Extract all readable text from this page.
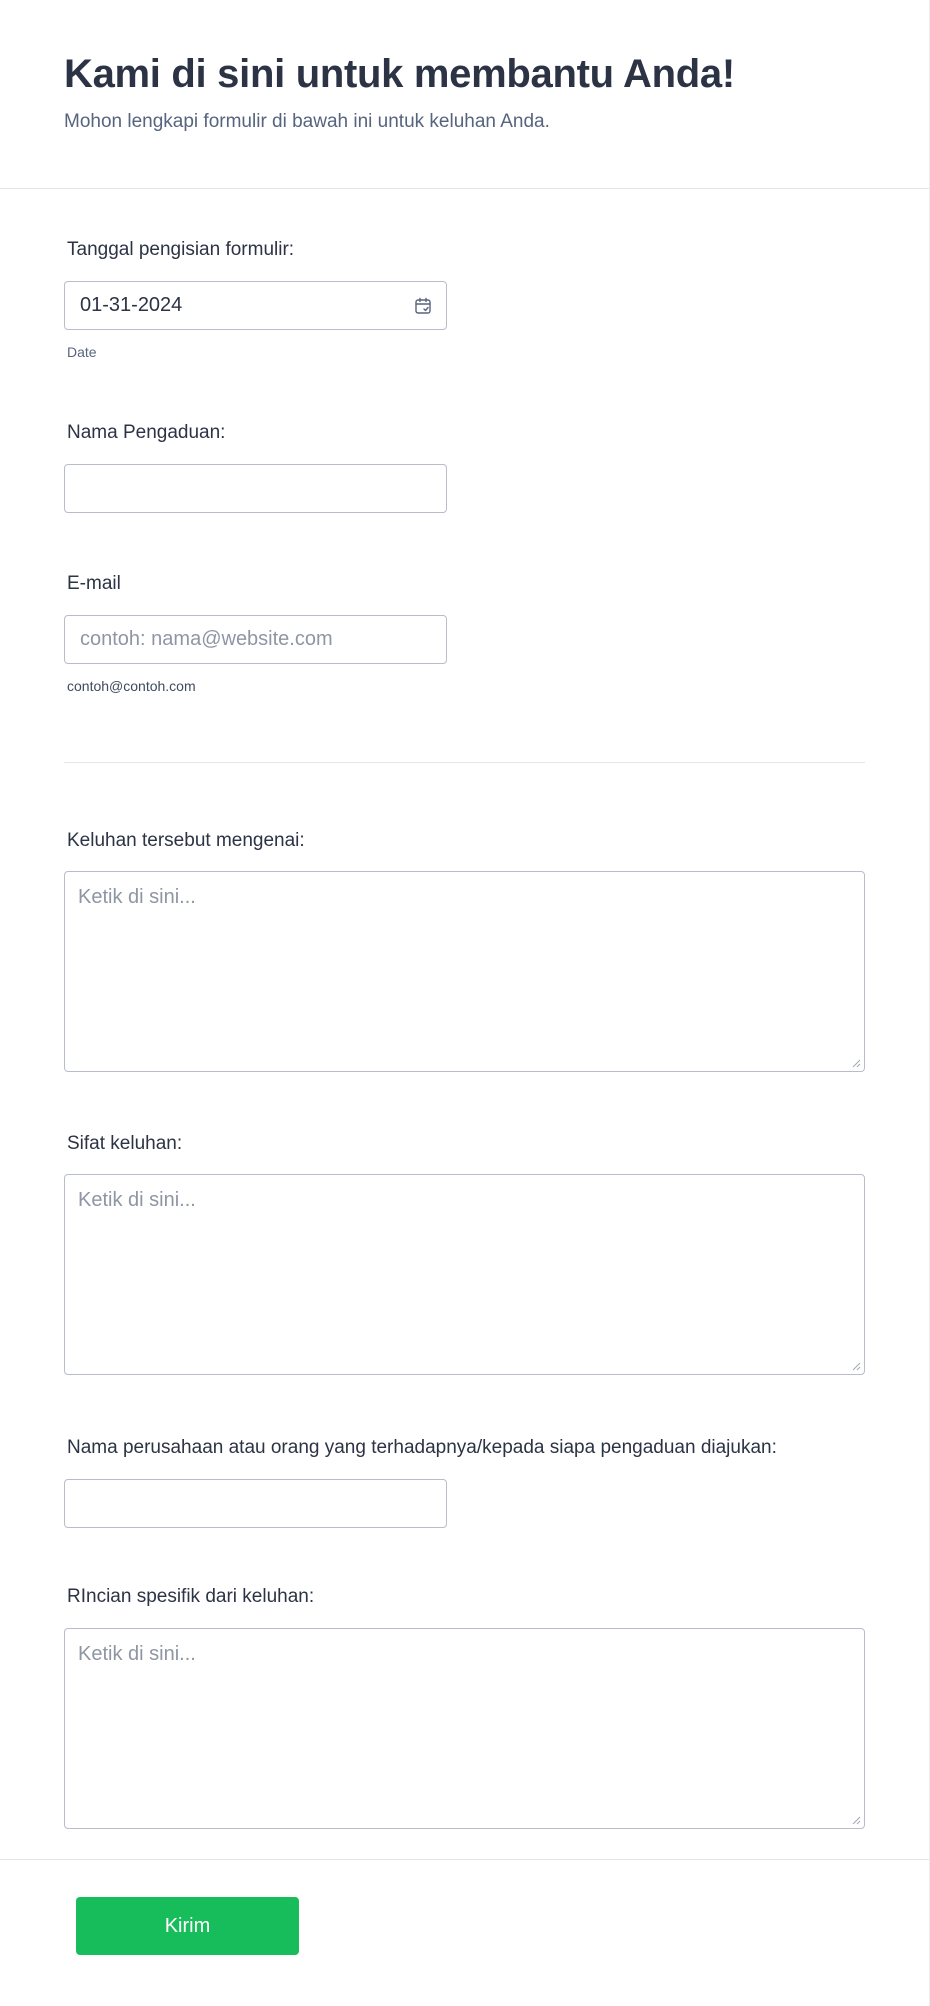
Kami di sini untuk membantu Anda!
Mohon lengkapi formulir di bawah ini untuk keluhan Anda.
Tanggal pengisian formulir:
01-31-2024
Date
Nama Pengaduan:
E-mail
contoh: nama@website.com
contoh@contoh.com
Keluhan tersebut mengenai:
Ketik di sini...
Sifat keluhan:
Ketik di sini...
Nama perusahaan atau orang yang terhadapnya/kepada siapa pengaduan diajukan:
RIncian spesifik dari keluhan:
Ketik di sini...
Kirim
